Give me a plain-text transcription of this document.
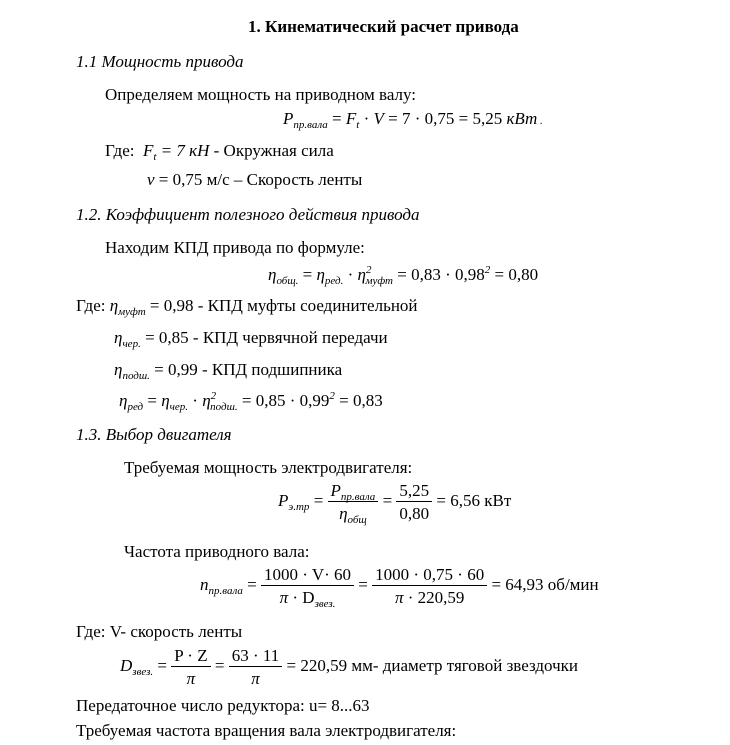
1. Кинематический расчет привода
1.1 Мощность привода
Определяем мощность на приводном валу:
$P_{пр.вала} = F_t \cdot V = 7 \cdot 0,75 = 5,25$ кВт .
Где: $F_t = 7$ кН - Окружная сила
v = 0,75 м/с – Скорость ленты
1.2. Коэффициент полезного действия привода
Находим КПД привода по формуле:
$\eta_{общ.} = \eta_{ред.} \cdot \eta^2_{муфт} = 0,83 \cdot 0,98^2 = 0,80$
Где: $\eta_{муфт} = 0,98$ - КПД муфты соединительной
$\eta_{чер.} = 0,85$ - КПД червячной передачи
$\eta_{подш.} = 0,99$ - КПД подшипника
$\eta_{ред} = \eta_{чер.} \cdot \eta^2_{подш.} = 0,85 \cdot 0,99^2 = 0,83$
1.3. Выбор двигателя
Требуемая мощность электродвигателя:
$P_{э.тр} = \frac{P_{пр.вала}}{\eta_{общ}} = \frac{5,25}{0,80} = 6,56$ кВт
Частота приводного вала:
$n_{пр.вала} = \frac{1000 \cdot V\cdot 60}{\pi \cdot D_{звез.}} = \frac{1000 \cdot 0,75 \cdot 60}{\pi \cdot 220,59} = 64,93$ об/мин
Где: V- скорость ленты
$D_{звез.} = \frac{P \cdot Z}{\pi} = \frac{63 \cdot 11}{\pi} = 220,59$ мм- диаметр тяговой звездочки
Передаточное число редуктора: u= 8...63
Требуемая частота вращения вала электродвигателя:
